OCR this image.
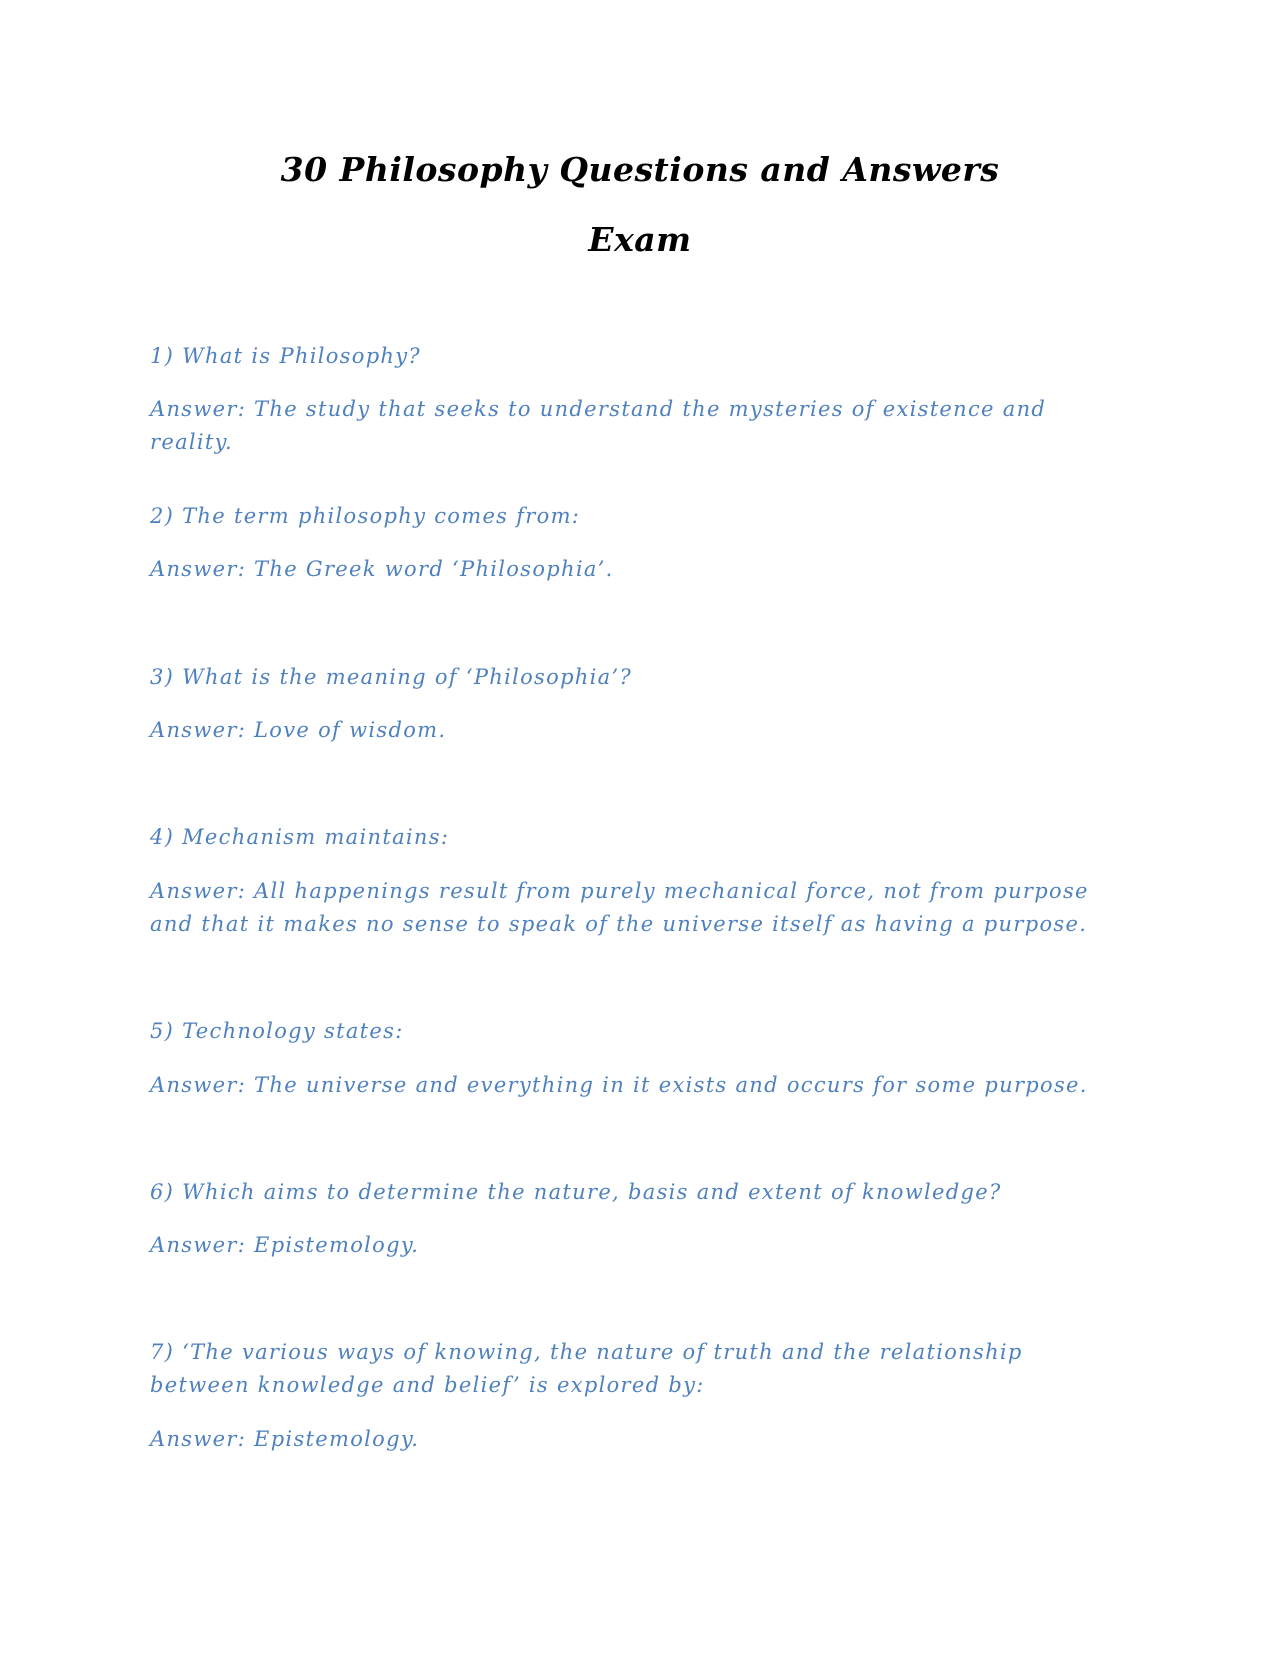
30 Philosophy Questions and Answers
Exam

1) What is Philosophy?

Answer: The study that seeks to understand the mysteries of existence and reality.

2) The term philosophy comes from:

Answer: The Greek word ‘Philosophia’.

3) What is the meaning of ‘Philosophia’?

Answer: Love of wisdom.

4) Mechanism maintains:

Answer: All happenings result from purely mechanical force, not from purpose and that it makes no sense to speak of the universe itself as having a purpose.

5) Technology states:

Answer: The universe and everything in it exists and occurs for some purpose.

6) Which aims to determine the nature, basis and extent of knowledge?

Answer: Epistemology.

7) ‘The various ways of knowing, the nature of truth and the relationship between knowledge and belief’ is explored by:

Answer: Epistemology.
